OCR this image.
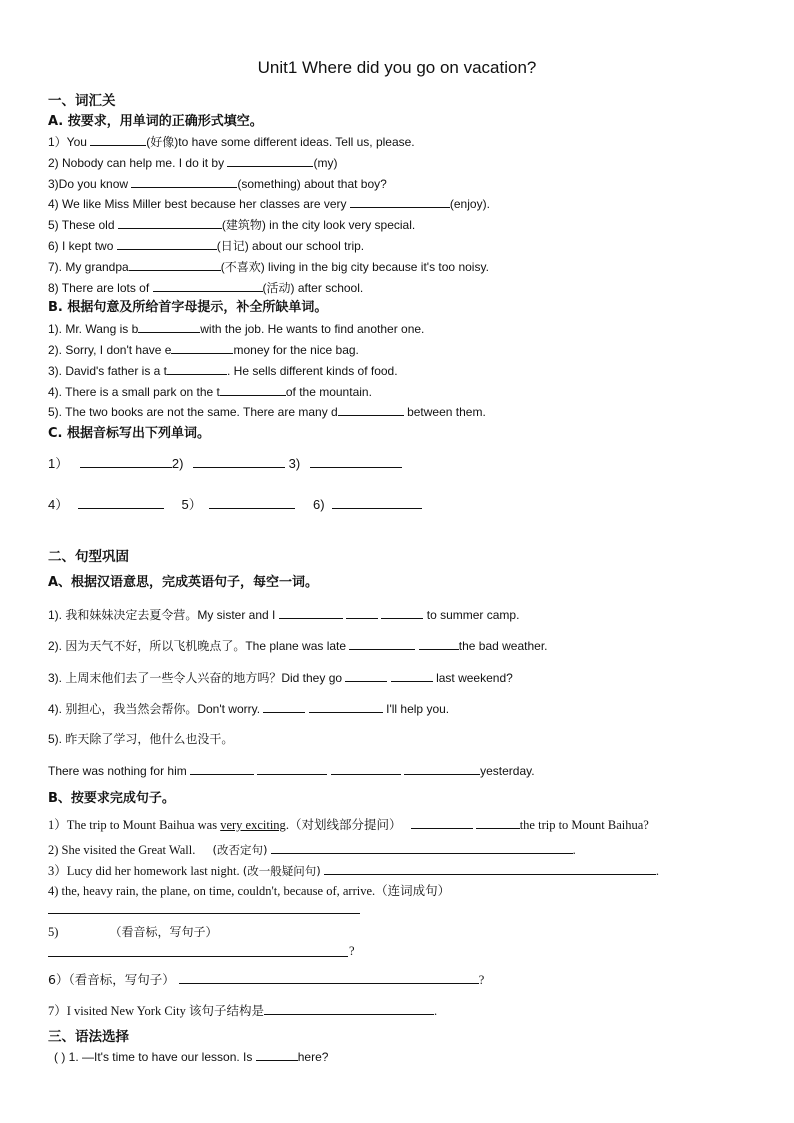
Unit1 Where did you go on vacation?
一、词汇关
A. 按要求，用单词的正确形式填空。
1）You	(好像)to have some different ideas. Tell us, please.
2) Nobody can help me. I do it by	(my)
3)Do you know	(something) about that boy?
4) We like Miss Miller best because her classes are very	(enjoy).
5) These old	(建筑物) in the city look very special.
6) I kept two	(日记) about our school trip.
7). My grandpa	(不喜欢) living in the big city because it's too noisy.
8) There are lots of	(活动) after school.
B. 根据句意及所给首字母提示，补全所缺单词。
1). Mr. Wang is b	with the job. He wants to find another one.
2). Sorry, I don't have e	money for the nice bag.
3). David's father is a t	. He sells different kinds of food.
4). There is a small park on the t	of the mountain.
5). The two books are not the same. There are many d	between them.
C. 根据音标写出下列单词。
1）	2)	3)
4）	5）	6)
二、句型巩固
A、根据汉语意思，完成英语句子，每空一词。
1). 我和妹妹决定去夏令营。My sister and I	to summer camp.
2). 因为天气不好，所以飞机晚点了。The plane was late	the bad weather.
3). 上周末他们去了一些令人兴奋的地方吗？Did they go	last weekend?
4). 别担心，我当然会帮你。Don't worry.	I'll help you.
5). 昨天除了学习，他什么也没干。
There was nothing for him	yesterday.
B、按要求完成句子。
1）The trip to Mount Baihua was very exciting.（对划线部分提问）	the trip to Mount Baihua?
2) She visited the Great Wall. (改否定句)	.
3）Lucy did her homework last night. (改一般疑问句)	.
4) the, heavy rain, the plane, on time, couldn't, because of, arrive.（连词成句）
5)	（看音标，写句子）
?
6）（看音标，写句子）	?
7）I visited New York City 该句子结构是	.
三、语法选择
( ) 1. —It's time to have our lesson. Is	here?
